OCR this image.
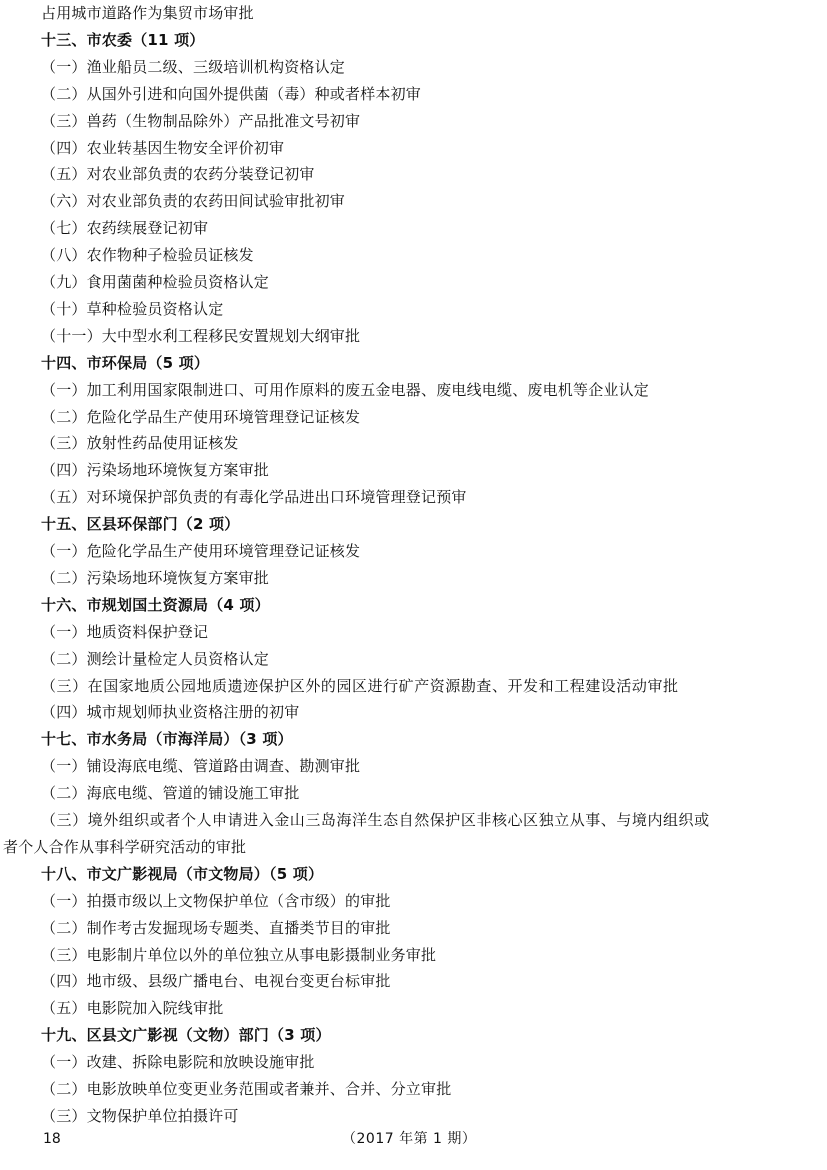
占用城市道路作为集贸市场审批
十三、市农委（11 项）
（一）渔业船员二级、三级培训机构资格认定
（二）从国外引进和向国外提供菌（毒）种或者样本初审
（三）兽药（生物制品除外）产品批准文号初审
（四）农业转基因生物安全评价初审
（五）对农业部负责的农药分装登记初审
（六）对农业部负责的农药田间试验审批初审
（七）农药续展登记初审
（八）农作物种子检验员证核发
（九）食用菌菌种检验员资格认定
（十）草种检验员资格认定
（十一）大中型水利工程移民安置规划大纲审批
十四、市环保局（5 项）
（一）加工利用国家限制进口、可用作原料的废五金电器、废电线电缆、废电机等企业认定
（二）危险化学品生产使用环境管理登记证核发
（三）放射性药品使用证核发
（四）污染场地环境恢复方案审批
（五）对环境保护部负责的有毒化学品进出口环境管理登记预审
十五、区县环保部门（2 项）
（一）危险化学品生产使用环境管理登记证核发
（二）污染场地环境恢复方案审批
十六、市规划国土资源局（4 项）
（一）地质资料保护登记
（二）测绘计量检定人员资格认定
（三）在国家地质公园地质遗迹保护区外的园区进行矿产资源勘查、开发和工程建设活动审批
（四）城市规划师执业资格注册的初审
十七、市水务局（市海洋局）（3 项）
（一）铺设海底电缆、管道路由调查、勘测审批
（二）海底电缆、管道的铺设施工审批
（三）境外组织或者个人申请进入金山三岛海洋生态自然保护区非核心区独立从事、与境内组织或
者个人合作从事科学研究活动的审批
十八、市文广影视局（市文物局）（5 项）
（一）拍摄市级以上文物保护单位（含市级）的审批
（二）制作考古发掘现场专题类、直播类节目的审批
（三）电影制片单位以外的单位独立从事电影摄制业务审批
（四）地市级、县级广播电台、电视台变更台标审批
（五）电影院加入院线审批
十九、区县文广影视（文物）部门（3 项）
（一）改建、拆除电影院和放映设施审批
（二）电影放映单位变更业务范围或者兼并、合并、分立审批
（三）文物保护单位拍摄许可
18	（2017 年第 1 期）
